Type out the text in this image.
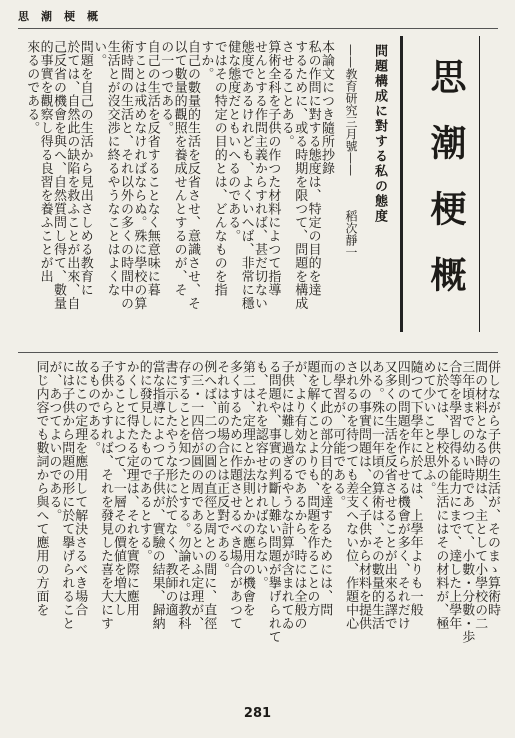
思潮梗概
思潮梗概
問題構成に對する私の態度
稻次靜一
——教育研究三月號——
本論文につき隨所抄錄
私の作問に對する態度は、特定の目的を達
するために、或る時期を限つて、問題を構成
させることある。
算術全科を子供の作つた材料によつて指導
せんとする作問主義からすれば、甚だ切ない
態度であるけれども、よくいへば、非常に穩
健な態度だともいへるのである。
ではその特定の目的とは、どんなものを指
すか。
自己の數量的生活を反省させ、意識させ、そ
以て數量的觀照を養成せんとするのが、そ
の一つである。
自己の生活を反省することなく無意味に暮
すことは戒めなければならぬ。殊に學校の算
術時間の生活と、それ以外の多くの時間中の
生活とが沒交渉に終るやうなことはよくな
い。
問題を自己の生活から見出さしめる教育に
於ては、自然此の缺陷を救ふことが出來、自
己反省の機會を與へ、自然質問し得て、數量
的事實を觀察し得る良習を養ふことが出
來るのである。
併しながら子供の生活が、そのまゝ算術時
間の材料となる時期は、主として小學校の二
三年頃までの幼い時であつて、小數・分數・歩
合等を學習し得る能力にまで、達した上學年
に於ては、學校外の生活にはその材料が、極
めて少いことと思ふ。
隨つて下學年に於ては、上學年よりも一般
四則の問題を作らせる機會が多く、それだけ
又多くの生活を反省させることが出來る譯で
ある。殊に一年頃の算術は、その數量的生活
以外の事實問題は、全く子供から材料を提供
されるのを待つても差支へない位、作題中心
の學習が、可能である。
而して此の部分目的を達するためには、問
題を解くことよりも、問題を作ることの方
が、より有効なのであるから、時には全般の
子供には難し過ぎるやうな計算が含まれてゐ
る問題や、事實の判斷し難い問題が擧げられて
も、それを認容せなければならない。
第二は、定理とか法則とかの應用の機會を
多くするために作題させるべき場合があつて
それは前の場合とは正反對である。
例へば、二つの圓の直徑と周との間に、直徑
の三・一四倍が圓の周であるといふ定理が、
存することを知つたとする。勿論それは教科
書に示したやうな形に於てなく、教師の適
當な指導によつて子供が、實驗の結果、歸納
的に發見したものであるとする。
かくして得たる定理は、それを實際に應用
することによつて、一層その價値を増大し
子供からすれば、それを發見した喜を大にす
るものである。
故にこの定理を應用して解決さるべき場合
には子供から問題の形に於て擧げられること
が、あつてよいのである。
同じ内容でも數詞から與へて應用の方面を
281
